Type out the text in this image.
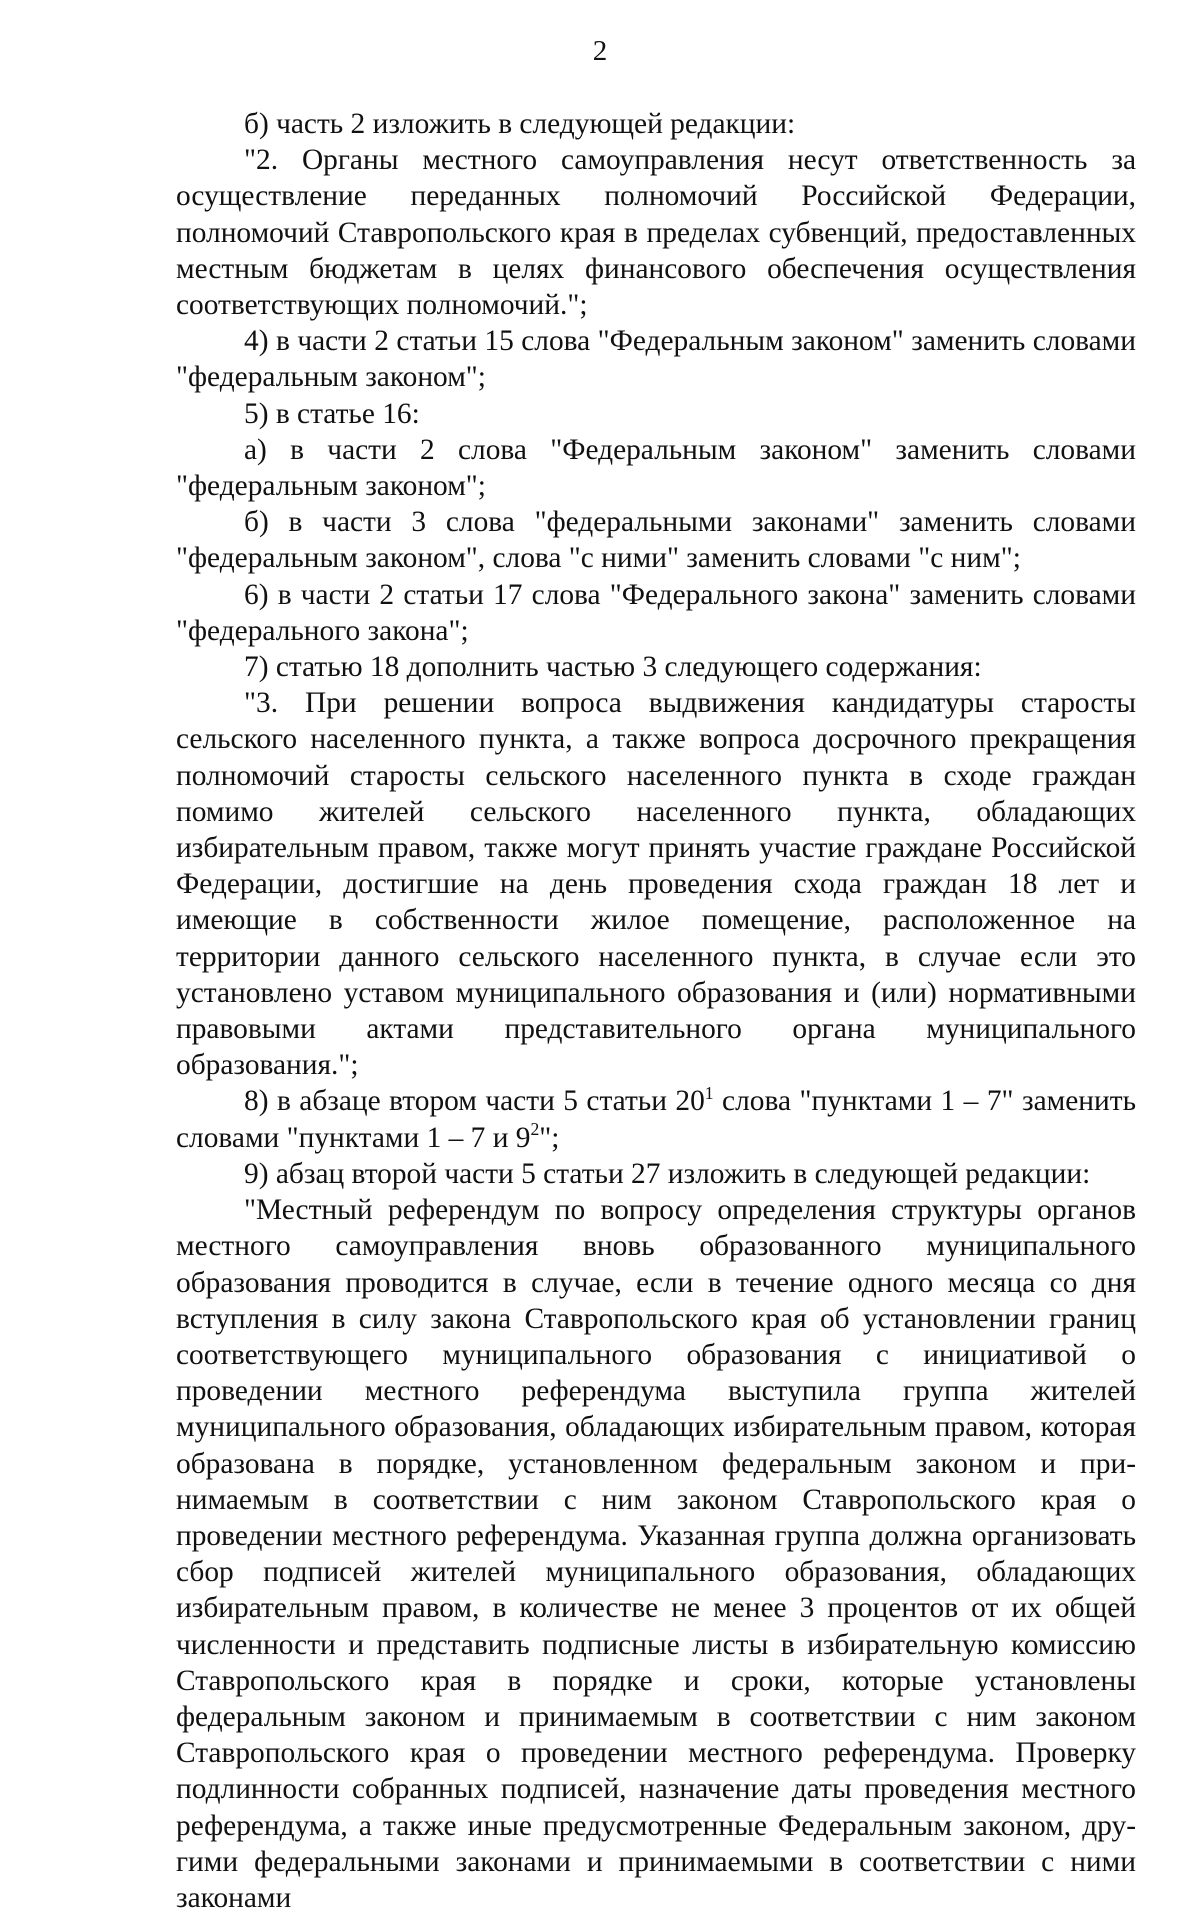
2

б) часть 2 изложить в следующей редакции:

"2. Органы местного самоуправления несут ответственность за осуществление переданных полномочий Российской Федерации, полномочий Ставропольского края в пределах субвенций, предоставленных местным бюджетам в целях финансового обеспечения осуществления соответствующих полномочий.";

4) в части 2 статьи 15 слова "Федеральным законом" заменить словами "федеральным законом";

5) в статье 16:

а) в части 2 слова "Федеральным законом" заменить словами "федеральным законом";

б) в части 3 слова "федеральными законами" заменить словами "федеральным законом", слова "с ними" заменить словами "с ним";

6) в части 2 статьи 17 слова "Федерального закона" заменить словами "федерального закона";

7) статью 18 дополнить частью 3 следующего содержания:

"3. При решении вопроса выдвижения кандидатуры старосты сельского населенного пункта, а также вопроса досрочного прекращения полномочий старосты сельского населенного пункта в сходе граждан помимо жителей сельского населенного пункта, обладающих избирательным правом, также могут принять участие граждане Российской Федерации, достигшие на день проведения схода граждан 18 лет и имеющие в собственности жилое помещение, расположенное на территории данного сельского населенного пункта, в случае если это установлено уставом муниципального образования и (или) нормативными правовыми актами представительного органа муниципального образования.";

8) в абзаце втором части 5 статьи $20^1$ слова "пунктами 1 – 7" заменить словами "пунктами 1 – 7 и $9^2$";

9) абзац второй части 5 статьи 27 изложить в следующей редакции:

"Местный референдум по вопросу определения структуры органов местного самоуправления вновь образованного муниципального образования проводится в случае, если в течение одного месяца со дня вступления в силу закона Ставропольского края об установлении границ соответствующего муниципального образования с инициативой о проведении местного референдума выступила группа жителей муниципального образования, обладающих избирательным правом, которая образована в порядке, установленном федеральным законом и принимаемым в соответствии с ним законом Ставропольского края о проведении местного референдума. Указанная группа должна организовать сбор подписей жителей муниципального образования, обладающих избирательным правом, в количестве не менее 3 процентов от их общей численности и представить подписные листы в избирательную комиссию Ставропольского края в порядке и сроки, которые установлены федеральным законом и принимаемым в соответствии с ним законом Ставропольского края о проведении местного референдума. Проверку подлинности собранных подписей, назначение даты проведения местного референдума, а также иные предусмотренные Федеральным законом, другими федеральными законами и принимаемыми в соответствии с ними законами
